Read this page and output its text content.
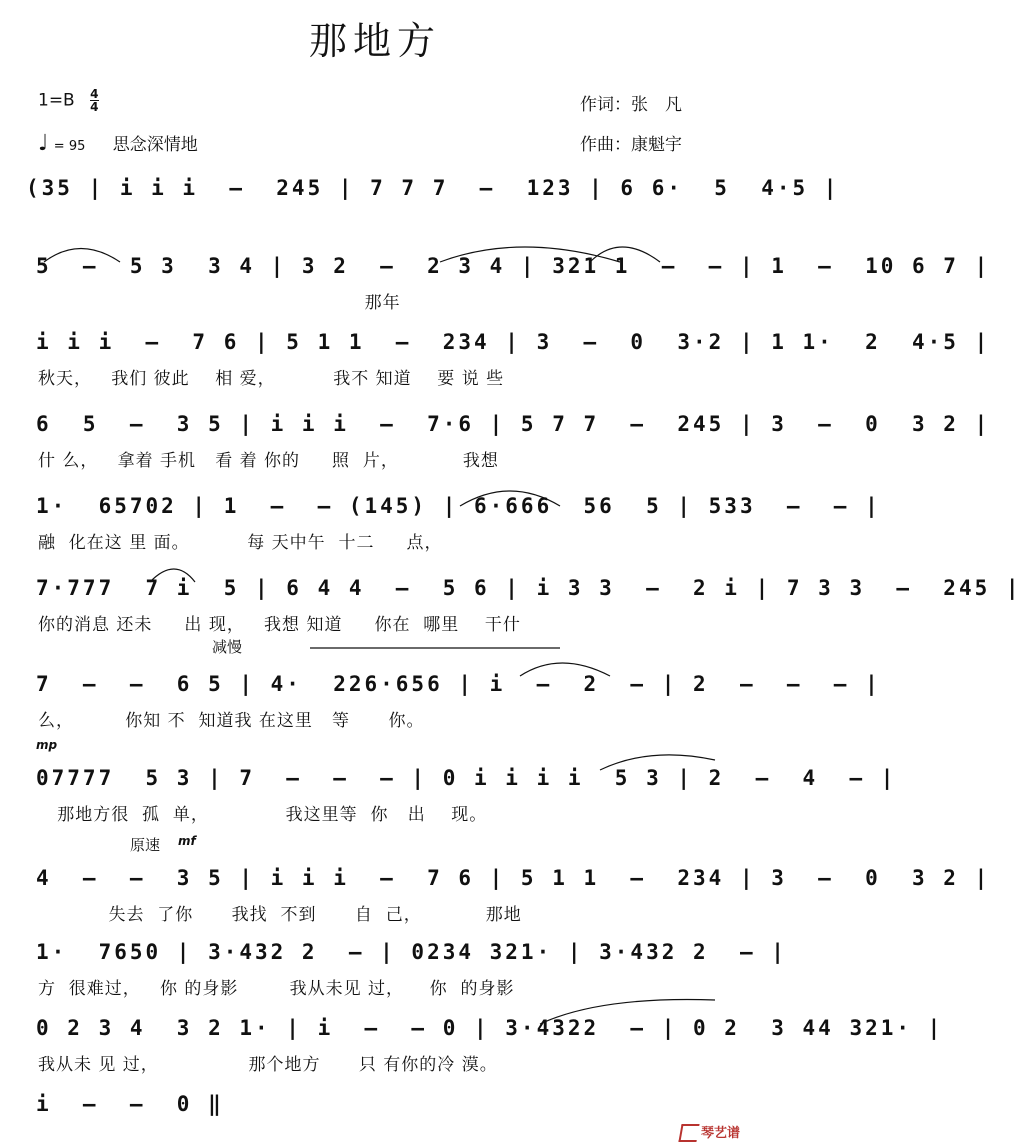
那地方
$1=B \frac{4}{4}$
♩ = 95 思念深情地
作词：张　凡
作曲：康魁宇
(35 | i i i  –  245 | 7 7 7  –  123 | 6 6·  5  4·5 |
5  –  5 3  3 4 | 3 2  –  2 3 4 | 321 1  –  – | 1  –  10 6 7 |
那年
i i i  –  7 6 | 5 1 1  –  234 | 3  –  0  3·2 | 1 1·  2  4·5 |
秋天，   我们 彼此    相 爱，         我不 知道    要 说 些
6  5  –  3 5 | i i i  –  7·6 | 5 7 7  –  245 | 3  –  0  3 2 |
什 么，   拿着 手机   看 着 你的     照  片，          我想
1·  65702 | 1  –  – (145) | 6·666  56  5 | 533  –  – |
融  化在这 里 面。         每 天中午  十二     点，
7·777  7 i  5 | 6 4 4  –  5 6 | i 3 3  –  2 i | 7 3 3  –  245 |
你的消息 还未     出 现，   我想 知道     你在  哪里    干什
减慢
7  –  –  6 5 | 4·  226·656 | i  –  2  – | 2  –  –  – |
么，        你知 不  知道我 在这里   等      你。
mp
07777  5 3 | 7  –  –  – | 0 i i i i  5 3 | 2  –  4  – |
那地方很  孤  单，            我这里等  你   出    现。
原速 mf
4  –  –  3 5 | i i i  –  7 6 | 5 1 1  –  234 | 3  –  0  3 2 |
失去  了你      我找  不到      自  己，          那地
1·  7650 | 3·432 2  – | 0234 321· | 3·432 2  – |
方  很难过，   你 的身影        我从未见 过，    你  的身影
0 2 3 4  3 2 1· | i  –  – 0 | 3·4322  – | 0 2  3 44 321· |
我从未 见 过，              那个地方      只 有你的冷 漠。
i  –  –  0 ‖
琴艺谱
